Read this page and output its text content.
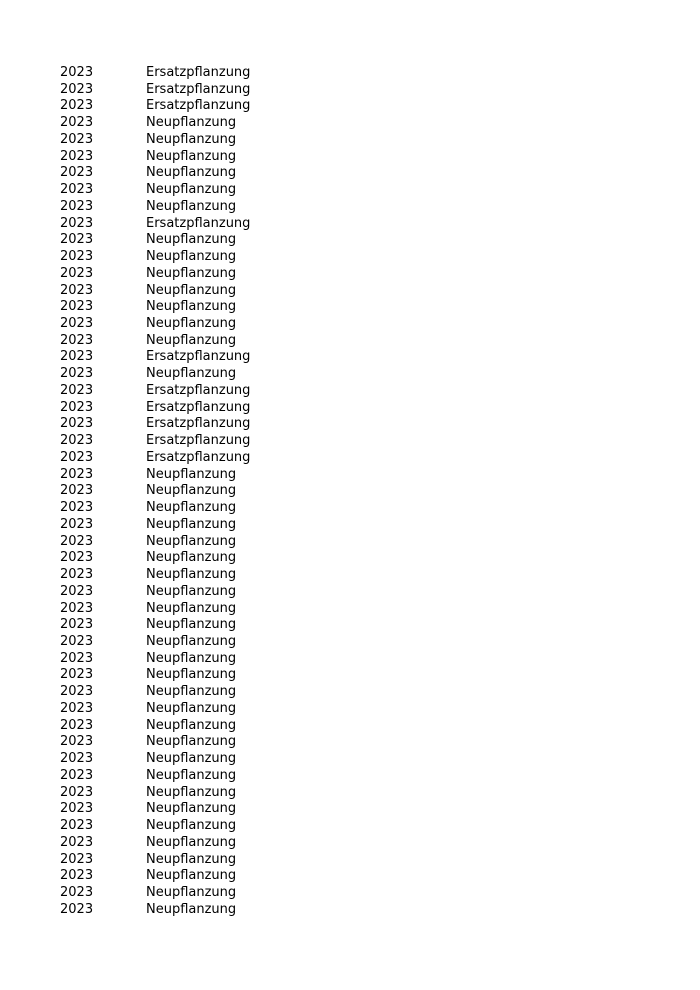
2023	Ersatzpflanzung
2023	Ersatzpflanzung
2023	Ersatzpflanzung
2023	Neupflanzung
2023	Neupflanzung
2023	Neupflanzung
2023	Neupflanzung
2023	Neupflanzung
2023	Neupflanzung
2023	Ersatzpflanzung
2023	Neupflanzung
2023	Neupflanzung
2023	Neupflanzung
2023	Neupflanzung
2023	Neupflanzung
2023	Neupflanzung
2023	Neupflanzung
2023	Ersatzpflanzung
2023	Neupflanzung
2023	Ersatzpflanzung
2023	Ersatzpflanzung
2023	Ersatzpflanzung
2023	Ersatzpflanzung
2023	Ersatzpflanzung
2023	Neupflanzung
2023	Neupflanzung
2023	Neupflanzung
2023	Neupflanzung
2023	Neupflanzung
2023	Neupflanzung
2023	Neupflanzung
2023	Neupflanzung
2023	Neupflanzung
2023	Neupflanzung
2023	Neupflanzung
2023	Neupflanzung
2023	Neupflanzung
2023	Neupflanzung
2023	Neupflanzung
2023	Neupflanzung
2023	Neupflanzung
2023	Neupflanzung
2023	Neupflanzung
2023	Neupflanzung
2023	Neupflanzung
2023	Neupflanzung
2023	Neupflanzung
2023	Neupflanzung
2023	Neupflanzung
2023	Neupflanzung
2023	Neupflanzung
